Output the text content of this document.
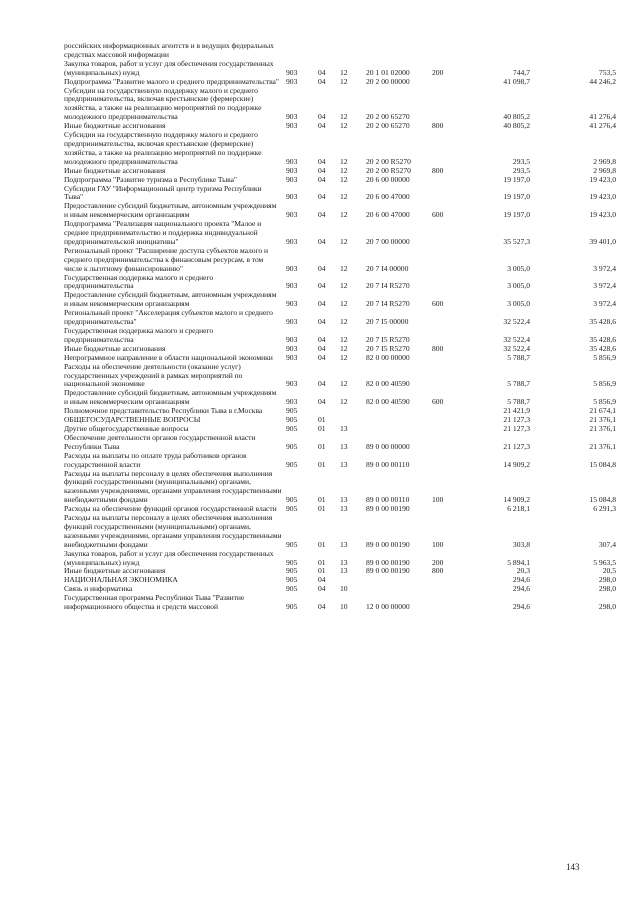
российских информационных агентств и в ведущих федеральных средствах массовой информации							
Закупка товаров, работ и услуг для обеспечения государственных (муниципальных) нужд	903	04	12	20 1 01 02000	200	744,7	753,5
Подпрограмма "Развитие малого и среднего предпринимательства"	903	04	12	20 2 00 00000		41 098,7	44 246,2
Субсидии на государственную поддержку малого и среднего предпринимательства, включая крестьянские (фермерские) хозяйства, а также на реализацию мероприятий по поддержке молодежного предпринимательства	903	04	12	20 2 00 65270		40 805,2	41 276,4
Иные бюджетные ассигнования	903	04	12	20 2 00 65270	800	40 805,2	41 276,4
Субсидии на государственную поддержку малого и среднего предпринимательства, включая крестьянские (фермерские) хозяйства, а также на реализацию мероприятий по поддержке молодежного предпринимательства	903	04	12	20 2 00 R5270		293,5	2 969,8
Иные бюджетные ассигнования	903	04	12	20 2 00 R5270	800	293,5	2 969,8
Подпрограмма "Развитие туризма в Республике Тыва"	903	04	12	20 6 00 00000		19 197,0	19 423,0
Субсидии ГАУ "Информационный центр туризма Республики Тыва"	903	04	12	20 6 00 47000		19 197,0	19 423,0
Предоставление субсидий бюджетным, автономным учреждениям и иным некоммерческим организациям	903	04	12	20 6 00 47000	600	19 197,0	19 423,0
Подпрограмма "Реализация национального проекта "Малое и среднее предпринимательство и поддержка индивидуальной предпринимательской инициативы"	903	04	12	20 7 00 00000		35 527,3	39 401,0
Региональный проект "Расширение доступа субъектов малого и среднего предпринимательства к финансовым ресурсам, в том числе к льготному финансированию"	903	04	12	20 7 I4 00000		3 005,0	3 972,4
Государственная поддержка малого и среднего предпринимательства	903	04	12	20 7 I4 R5270		3 005,0	3 972,4
Предоставление субсидий бюджетным, автономным учреждениям и иным некоммерческим организациям	903	04	12	20 7 I4 R5270	600	3 005,0	3 972,4
Региональный проект "Акселерация субъектов малого и среднего предпринимательства"	903	04	12	20 7 I5 00000		32 522,4	35 428,6
Государственная поддержка малого и среднего предпринимательства	903	04	12	20 7 I5 R5270		32 522,4	35 428,6
Иные бюджетные ассигнования	903	04	12	20 7 I5 R5270	800	32 522,4	35 428,6
Непрограммное направление в области национальной экономики	903	04	12	82 0 00 00000		5 788,7	5 856,9
Расходы на обеспечение деятельности (оказание услуг) государственных учреждений в рамках мероприятий по национальной экономике	903	04	12	82 0 00 40590		5 788,7	5 856,9
Предоставление субсидий бюджетным, автономным учреждениям и иным некоммерческим организациям	903	04	12	82 0 00 40590	600	5 788,7	5 856,9
Полномочное представительство Республики Тыва в г.Москва	905					21 421,9	21 674,1
ОБЩЕГОСУДАРСТВЕННЫЕ ВОПРОСЫ	905	01				21 127,3	21 376,1
Другие общегосударственные вопросы	905	01	13			21 127,3	21 376,1
Обеспечение деятельности органов государственной власти Республики Тыва	905	01	13	89 0 00 00000		21 127,3	21 376,1
Расходы на выплаты по оплате труда работников органов государственной власти	905	01	13	89 0 00 00110		14 909,2	15 084,8
Расходы на выплаты персоналу в целях обеспечения выполнения функций государственными (муниципальными) органами, казенными учреждениями, органами управления государственными внебюджетными фондами	905	01	13	89 0 00 00110	100	14 909,2	15 084,8
Расходы на обеспечение функций органов государственной власти	905	01	13	89 0 00 00190		6 218,1	6 291,3
Расходы на выплаты персоналу в целях обеспечения выполнения функций государственными (муниципальными) органами, казенными учреждениями, органами управления государственными внебюджетными фондами	905	01	13	89 0 00 00190	100	303,8	307,4
Закупка товаров, работ и услуг для обеспечения государственных (муниципальных) нужд	905	01	13	89 0 00 00190	200	5 894,1	5 963,5
Иные бюджетные ассигнования	905	01	13	89 0 00 00190	800	20,3	20,5
НАЦИОНАЛЬНАЯ ЭКОНОМИКА	905	04				294,6	298,0
Связь и информатика	905	04	10			294,6	298,0
Государственная программа Республики Тыва "Развитие информационного общества и средств массовой	905	04	10	12 0 00 00000		294,6	298,0
143
